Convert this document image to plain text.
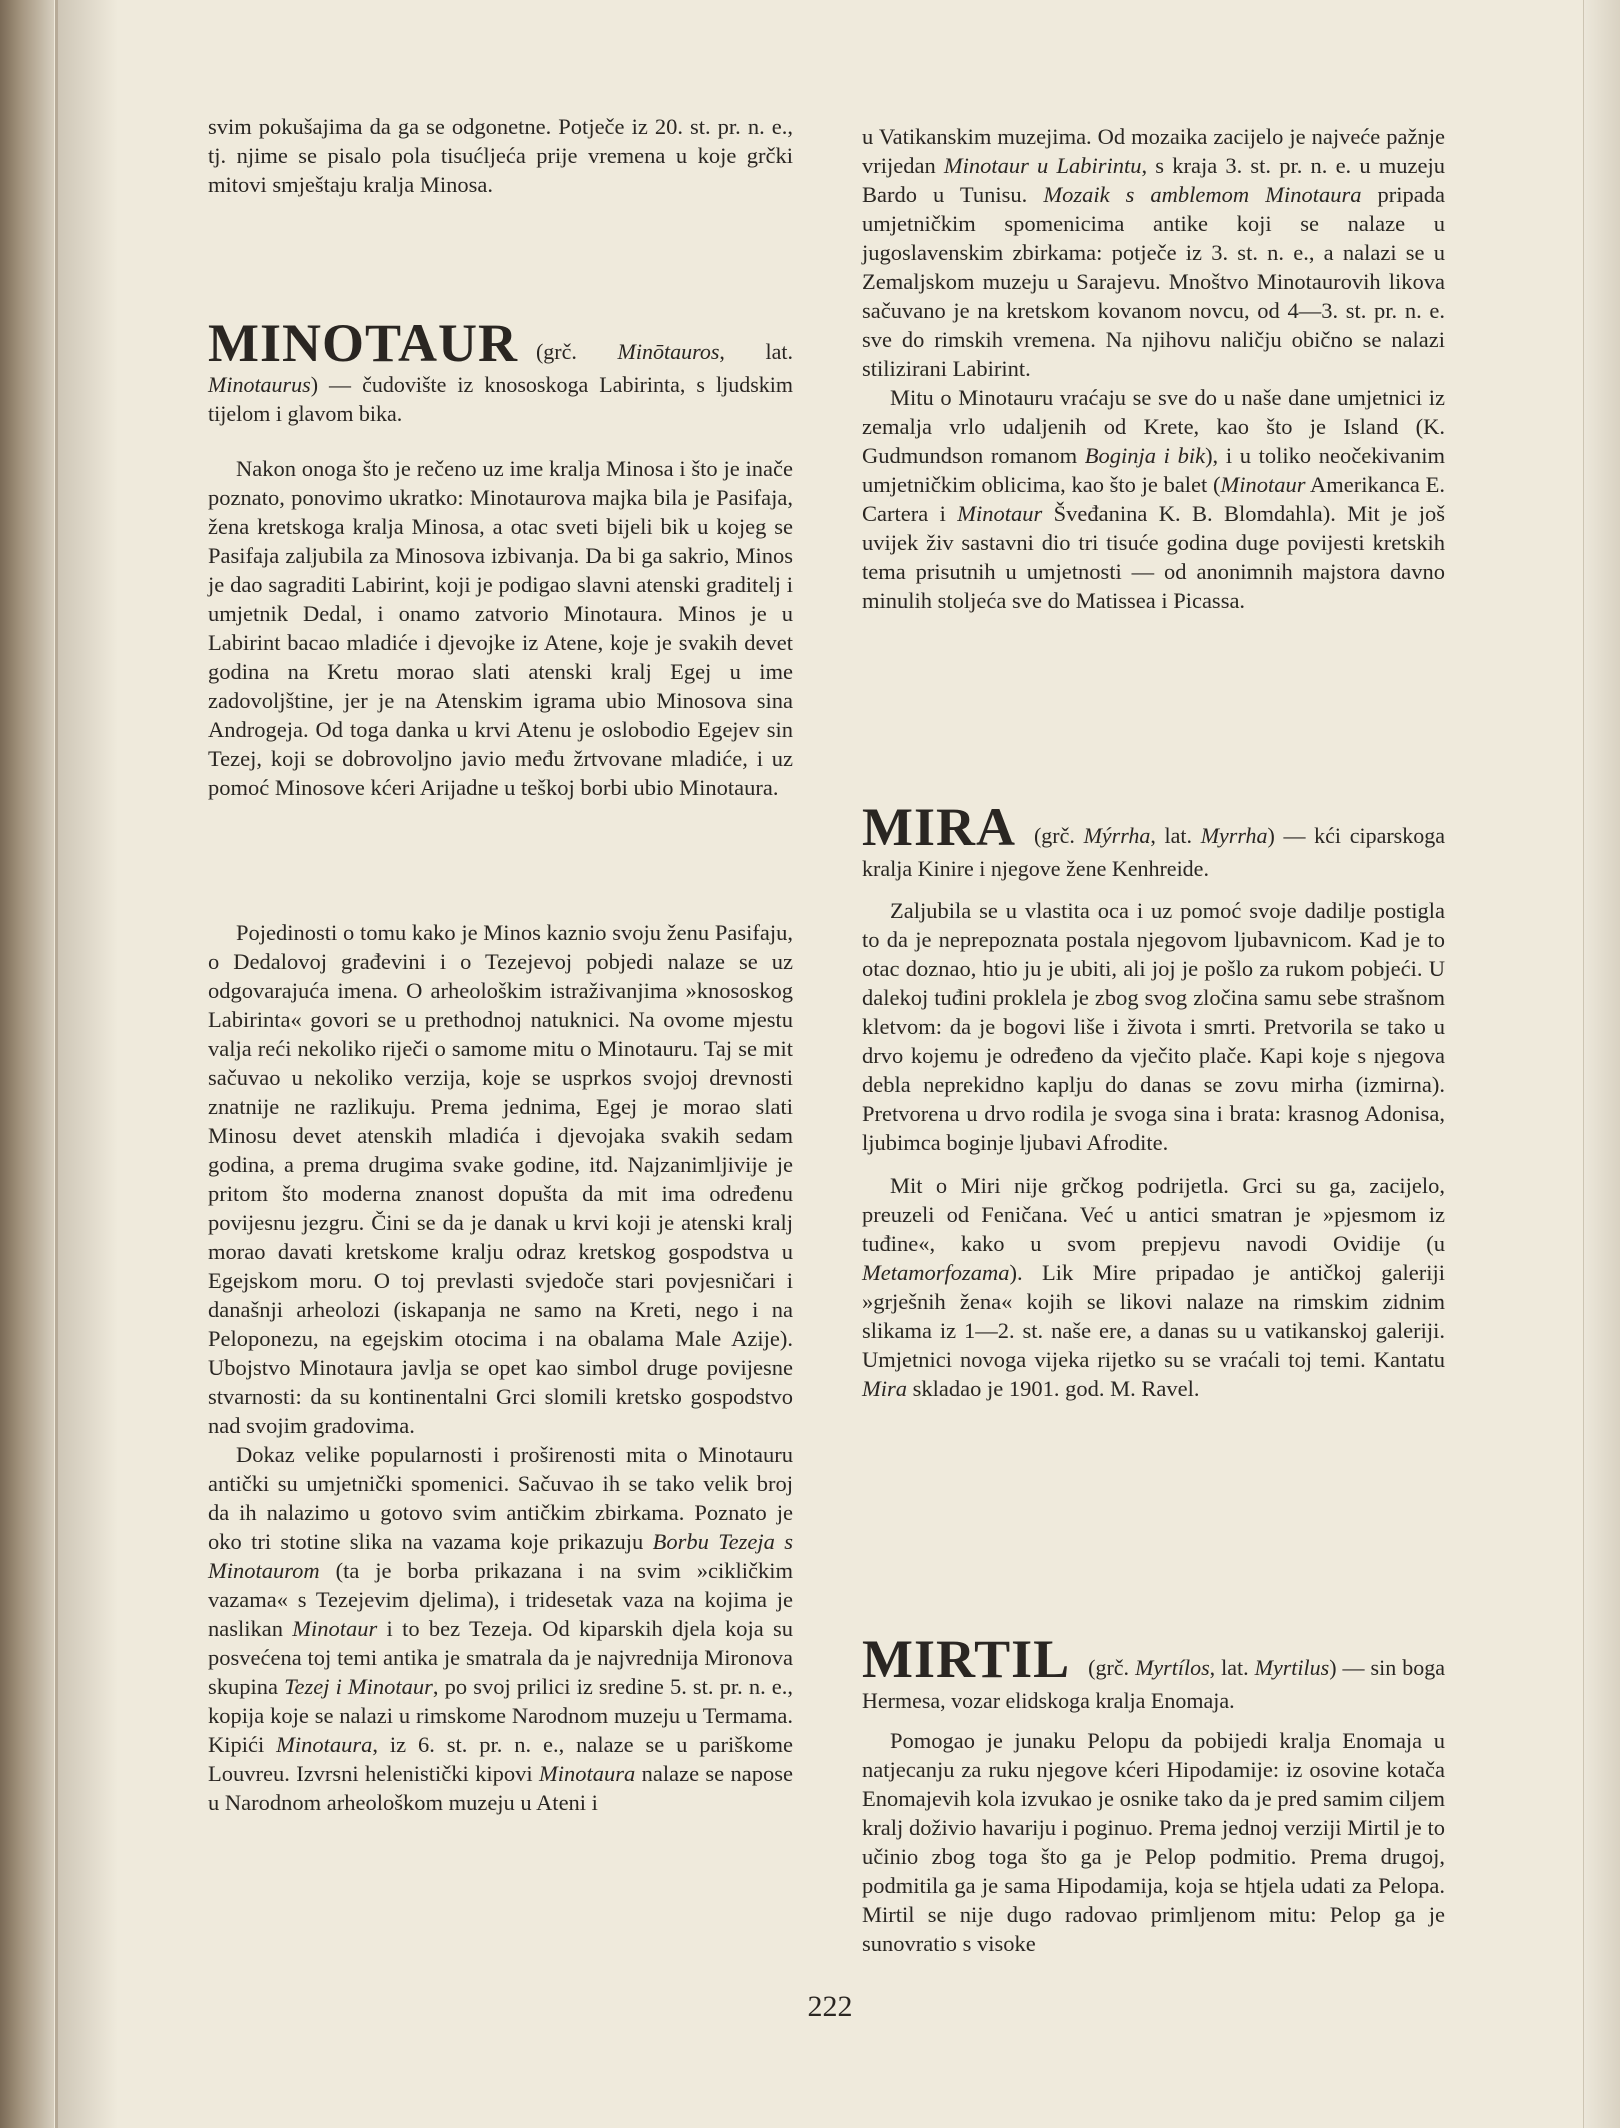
svim pokušajima da ga se odgonetne. Potječe iz 20. st. pr. n. e., tj. njime se pisalo pola tisućljeća prije vremena u koje grčki mitovi smještaju kralja Minosa.

MINOTAUR (grč. Minōtauros, lat. Minotaurus) — čudovište iz knososkoga Labirinta, s ljudskim tijelom i glavom bika.

Nakon onoga što je rečeno uz ime kralja Minosa i što je inače poznato, ponovimo ukratko: Minotaurova majka bila je Pasifaja, žena kretskoga kralja Minosa, a otac sveti bijeli bik u kojeg se Pasifaja zaljubila za Minosova izbivanja. Da bi ga sakrio, Minos je dao sagraditi Labirint, koji je podigao slavni atenski graditelj i umjetnik Dedal, i onamo zatvorio Minotaura. Minos je u Labirint bacao mladiće i djevojke iz Atene, koje je svakih devet godina na Kretu morao slati atenski kralj Egej u ime zadovoljštine, jer je na Atenskim igrama ubio Minosova sina Androgeja. Od toga danka u krvi Atenu je oslobodio Egejev sin Tezej, koji se dobrovoljno javio među žrtvovane mladiće, i uz pomoć Minosove kćeri Arijadne u teškoj borbi ubio Minotaura.

Pojedinosti o tomu kako je Minos kaznio svoju ženu Pasifaju, o Dedalovoj građevini i o Tezejevoj pobjedi nalaze se uz odgovarajuća imena. O arheološkim istraživanjima »knososkog Labirinta« govori se u prethodnoj natuknici. Na ovome mjestu valja reći nekoliko riječi o samome mitu o Minotauru. Taj se mit sačuvao u nekoliko verzija, koje se usprkos svojoj drevnosti znatnije ne razlikuju. Prema jednima, Egej je morao slati Minosu devet atenskih mladića i djevojaka svakih sedam godina, a prema drugima svake godine, itd. Najzanimljivije je pritom što moderna znanost dopušta da mit ima određenu povijesnu jezgru. Čini se da je danak u krvi koji je atenski kralj morao davati kretskome kralju odraz kretskog gospodstva u Egejskom moru. O toj prevlasti svjedoče stari povjesničari i današnji arheolozi (iskapanja ne samo na Kreti, nego i na Peloponezu, na egejskim otocima i na obalama Male Azije). Ubojstvo Minotaura javlja se opet kao simbol druge povijesne stvarnosti: da su kontinentalni Grci slomili kretsko gospodstvo nad svojim gradovima.

Dokaz velike popularnosti i proširenosti mita o Minotauru antički su umjetnički spomenici. Sačuvao ih se tako velik broj da ih nalazimo u gotovo svim antičkim zbirkama. Poznato je oko tri stotine slika na vazama koje prikazuju Borbu Tezeja s Minotaurom (ta je borba prikazana i na svim »cikličkim vazama« s Tezejevim djelima), i tridesetak vaza na kojima je naslikan Minotaur i to bez Tezeja. Od kiparskih djela koja su posvećena toj temi antika je smatrala da je najvrednija Mironova skupina Tezej i Minotaur, po svoj prilici iz sredine 5. st. pr. n. e., kopija koje se nalazi u rimskome Narodnom muzeju u Termama. Kipići Minotaura, iz 6. st. pr. n. e., nalaze se u pariškome Louvreu. Izvrsni helenistički kipovi Minotaura nalaze se napose u Narodnom arheološkom muzeju u Ateni i

u Vatikanskim muzejima. Od mozaika zacijelo je najveće pažnje vrijedan Minotaur u Labirintu, s kraja 3. st. pr. n. e. u muzeju Bardo u Tunisu. Mozaik s amblemom Minotaura pripada umjetničkim spomenicima antike koji se nalaze u jugoslavenskim zbirkama: potječe iz 3. st. n. e., a nalazi se u Zemaljskom muzeju u Sarajevu. Mnoštvo Minotaurovih likova sačuvano je na kretskom kovanom novcu, od 4—3. st. pr. n. e. sve do rimskih vremena. Na njihovu naličju obično se nalazi stilizirani Labirint.

Mitu o Minotauru vraćaju se sve do u naše dane umjetnici iz zemalja vrlo udaljenih od Krete, kao što je Island (K. Gudmundson romanom Boginja i bik), i u toliko neočekivanim umjetničkim oblicima, kao što je balet (Minotaur Amerikanca E. Cartera i Minotaur Šveđanina K. B. Blomdahla). Mit je još uvijek živ sastavni dio tri tisuće godina duge povijesti kretskih tema prisutnih u umjetnosti — od anonimnih majstora davno minulih stoljeća sve do Matissea i Picassa.

MIRA (grč. Mýrrha, lat. Myrrha) — kći ciparskoga kralja Kinire i njegove žene Kenhreide.

Zaljubila se u vlastita oca i uz pomoć svoje dadilje postigla to da je neprepoznata postala njegovom ljubavnicom. Kad je to otac doznao, htio ju je ubiti, ali joj je pošlo za rukom pobjeći. U dalekoj tuđini proklela je zbog svog zločina samu sebe strašnom kletvom: da je bogovi liše i života i smrti. Pretvorila se tako u drvo kojemu je određeno da vječito plače. Kapi koje s njegova debla neprekidno kaplju do danas se zovu mirha (izmirna). Pretvorena u drvo rodila je svoga sina i brata: krasnog Adonisa, ljubimca boginje ljubavi Afrodite.

Mit o Miri nije grčkog podrijetla. Grci su ga, zacijelo, preuzeli od Feničana. Već u antici smatran je »pjesmom iz tuđine«, kako u svom prepjevu navodi Ovidije (u Metamorfozama). Lik Mire pripadao je antičkoj galeriji »grješnih žena« kojih se likovi nalaze na rimskim zidnim slikama iz 1—2. st. naše ere, a danas su u vatikanskoj galeriji. Umjetnici novoga vijeka rijetko su se vraćali toj temi. Kantatu Mira skladao je 1901. god. M. Ravel.

MIRTIL (grč. Myrtílos, lat. Myrtilus) — sin boga Hermesa, vozar elidskoga kralja Enomaja.

Pomogao je junaku Pelopu da pobijedi kralja Enomaja u natjecanju za ruku njegove kćeri Hipodamije: iz osovine kotača Enomajevih kola izvukao je osnike tako da je pred samim ciljem kralj doživio havariju i poginuo. Prema jednoj verziji Mirtil je to učinio zbog toga što ga je Pelop podmitio. Prema drugoj, podmitila ga je sama Hipodamija, koja se htjela udati za Pelopa. Mirtil se nije dugo radovao primljenom mitu: Pelop ga je sunovratio s visoke

222
